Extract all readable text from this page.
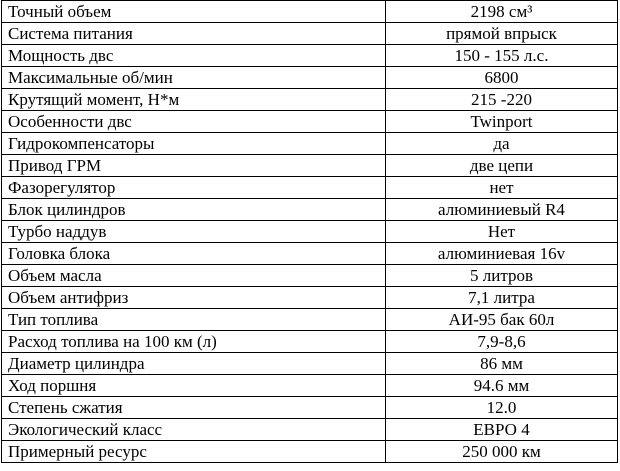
Точный объем	2198 см³
Система питания	прямой впрыск
Мощность двс	150 - 155 л.с.
Максимальные об/мин	6800
Крутящий момент, Н*м	215 -220
Особенности двс	Twinport
Гидрокомпенсаторы	да
Привод ГРМ	две цепи
Фазорегулятор	нет
Блок цилиндров	алюминиевый R4
Турбо наддув	Нет
Головка блока	алюминиевая 16v
Объем масла	5 литров
Объем антифриз	7,1 литра
Тип топлива	АИ-95 бак 60л
Расход топлива на 100 км (л)	7,9-8,6
Диаметр цилиндра	86 мм
Ход поршня	94.6 мм
Степень сжатия	12.0
Экологический класс	ЕВРО 4
Примерный ресурс	250 000 км
